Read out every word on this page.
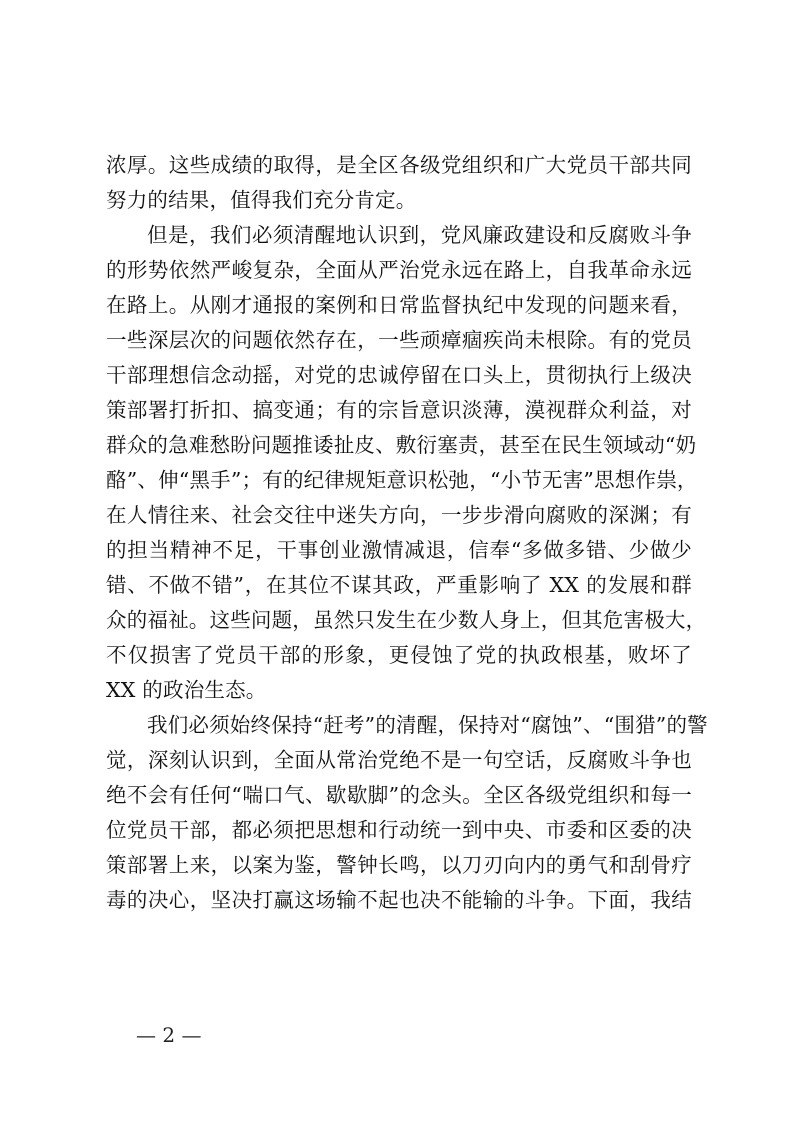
浓厚。这些成绩的取得，是全区各级党组织和广大党员干部共同
努力的结果，值得我们充分肯定。

但是，我们必须清醒地认识到，党风廉政建设和反腐败斗争
的形势依然严峻复杂，全面从严治党永远在路上，自我革命永远
在路上。从刚才通报的案例和日常监督执纪中发现的问题来看，
一些深层次的问题依然存在，一些顽瘴痼疾尚未根除。有的党员
干部理想信念动摇，对党的忠诚停留在口头上，贯彻执行上级决
策部署打折扣、搞变通；有的宗旨意识淡薄，漠视群众利益，对
群众的急难愁盼问题推诿扯皮、敷衍塞责，甚至在民生领域动“奶
酪”、伸“黑手”；有的纪律规矩意识松弛，“小节无害”思想作祟，
在人情往来、社会交往中迷失方向，一步步滑向腐败的深渊；有
的担当精神不足，干事创业激情减退，信奉“多做多错、少做少
错、不做不错”，在其位不谋其政，严重影响了 XX 的发展和群
众的福祉。这些问题，虽然只发生在少数人身上，但其危害极大，
不仅损害了党员干部的形象，更侵蚀了党的执政根基，败坏了
XX 的政治生态。

我们必须始终保持“赶考”的清醒，保持对“腐蚀”、“围猎”的警
觉，深刻认识到，全面从常治党绝不是一句空话，反腐败斗争也
绝不会有任何“喘口气、歇歇脚”的念头。全区各级党组织和每一
位党员干部，都必须把思想和行动统一到中央、市委和区委的决
策部署上来，以案为鉴，警钟长鸣，以刀刃向内的勇气和刮骨疗
毒的决心，坚决打赢这场输不起也决不能输的斗争。下面，我结

— 2 —
